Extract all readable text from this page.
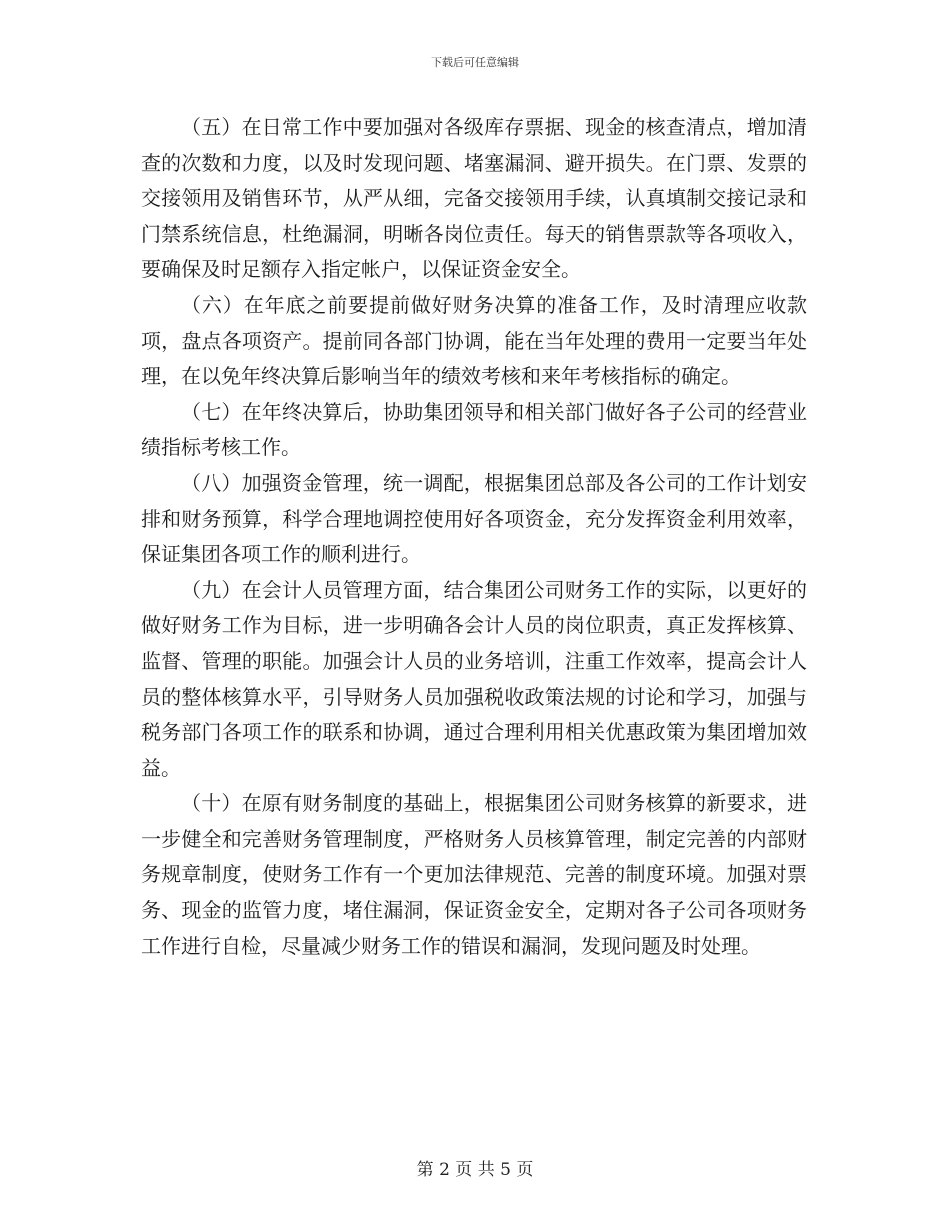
下载后可任意编辑

（五）在日常工作中要加强对各级库存票据、现金的核查清点，增加清查的次数和力度，以及时发现问题、堵塞漏洞、避开损失。在门票、发票的交接领用及销售环节，从严从细，完备交接领用手续，认真填制交接记录和门禁系统信息，杜绝漏洞，明晰各岗位责任。每天的销售票款等各项收入，要确保及时足额存入指定帐户，以保证资金安全。

（六）在年底之前要提前做好财务决算的准备工作，及时清理应收款项，盘点各项资产。提前同各部门协调，能在当年处理的费用一定要当年处理，在以免年终决算后影响当年的绩效考核和来年考核指标的确定。

（七）在年终决算后，协助集团领导和相关部门做好各子公司的经营业绩指标考核工作。

（八）加强资金管理，统一调配，根据集团总部及各公司的工作计划安排和财务预算，科学合理地调控使用好各项资金，充分发挥资金利用效率，保证集团各项工作的顺利进行。

（九）在会计人员管理方面，结合集团公司财务工作的实际，以更好的做好财务工作为目标，进一步明确各会计人员的岗位职责，真正发挥核算、监督、管理的职能。加强会计人员的业务培训，注重工作效率，提高会计人员的整体核算水平，引导财务人员加强税收政策法规的讨论和学习，加强与税务部门各项工作的联系和协调，通过合理利用相关优惠政策为集团增加效益。

（十）在原有财务制度的基础上，根据集团公司财务核算的新要求，进一步健全和完善财务管理制度，严格财务人员核算管理，制定完善的内部财务规章制度，使财务工作有一个更加法律规范、完善的制度环境。加强对票务、现金的监管力度，堵住漏洞，保证资金安全，定期对各子公司各项财务工作进行自检，尽量减少财务工作的错误和漏洞，发现问题及时处理。

第 2 页 共 5 页
